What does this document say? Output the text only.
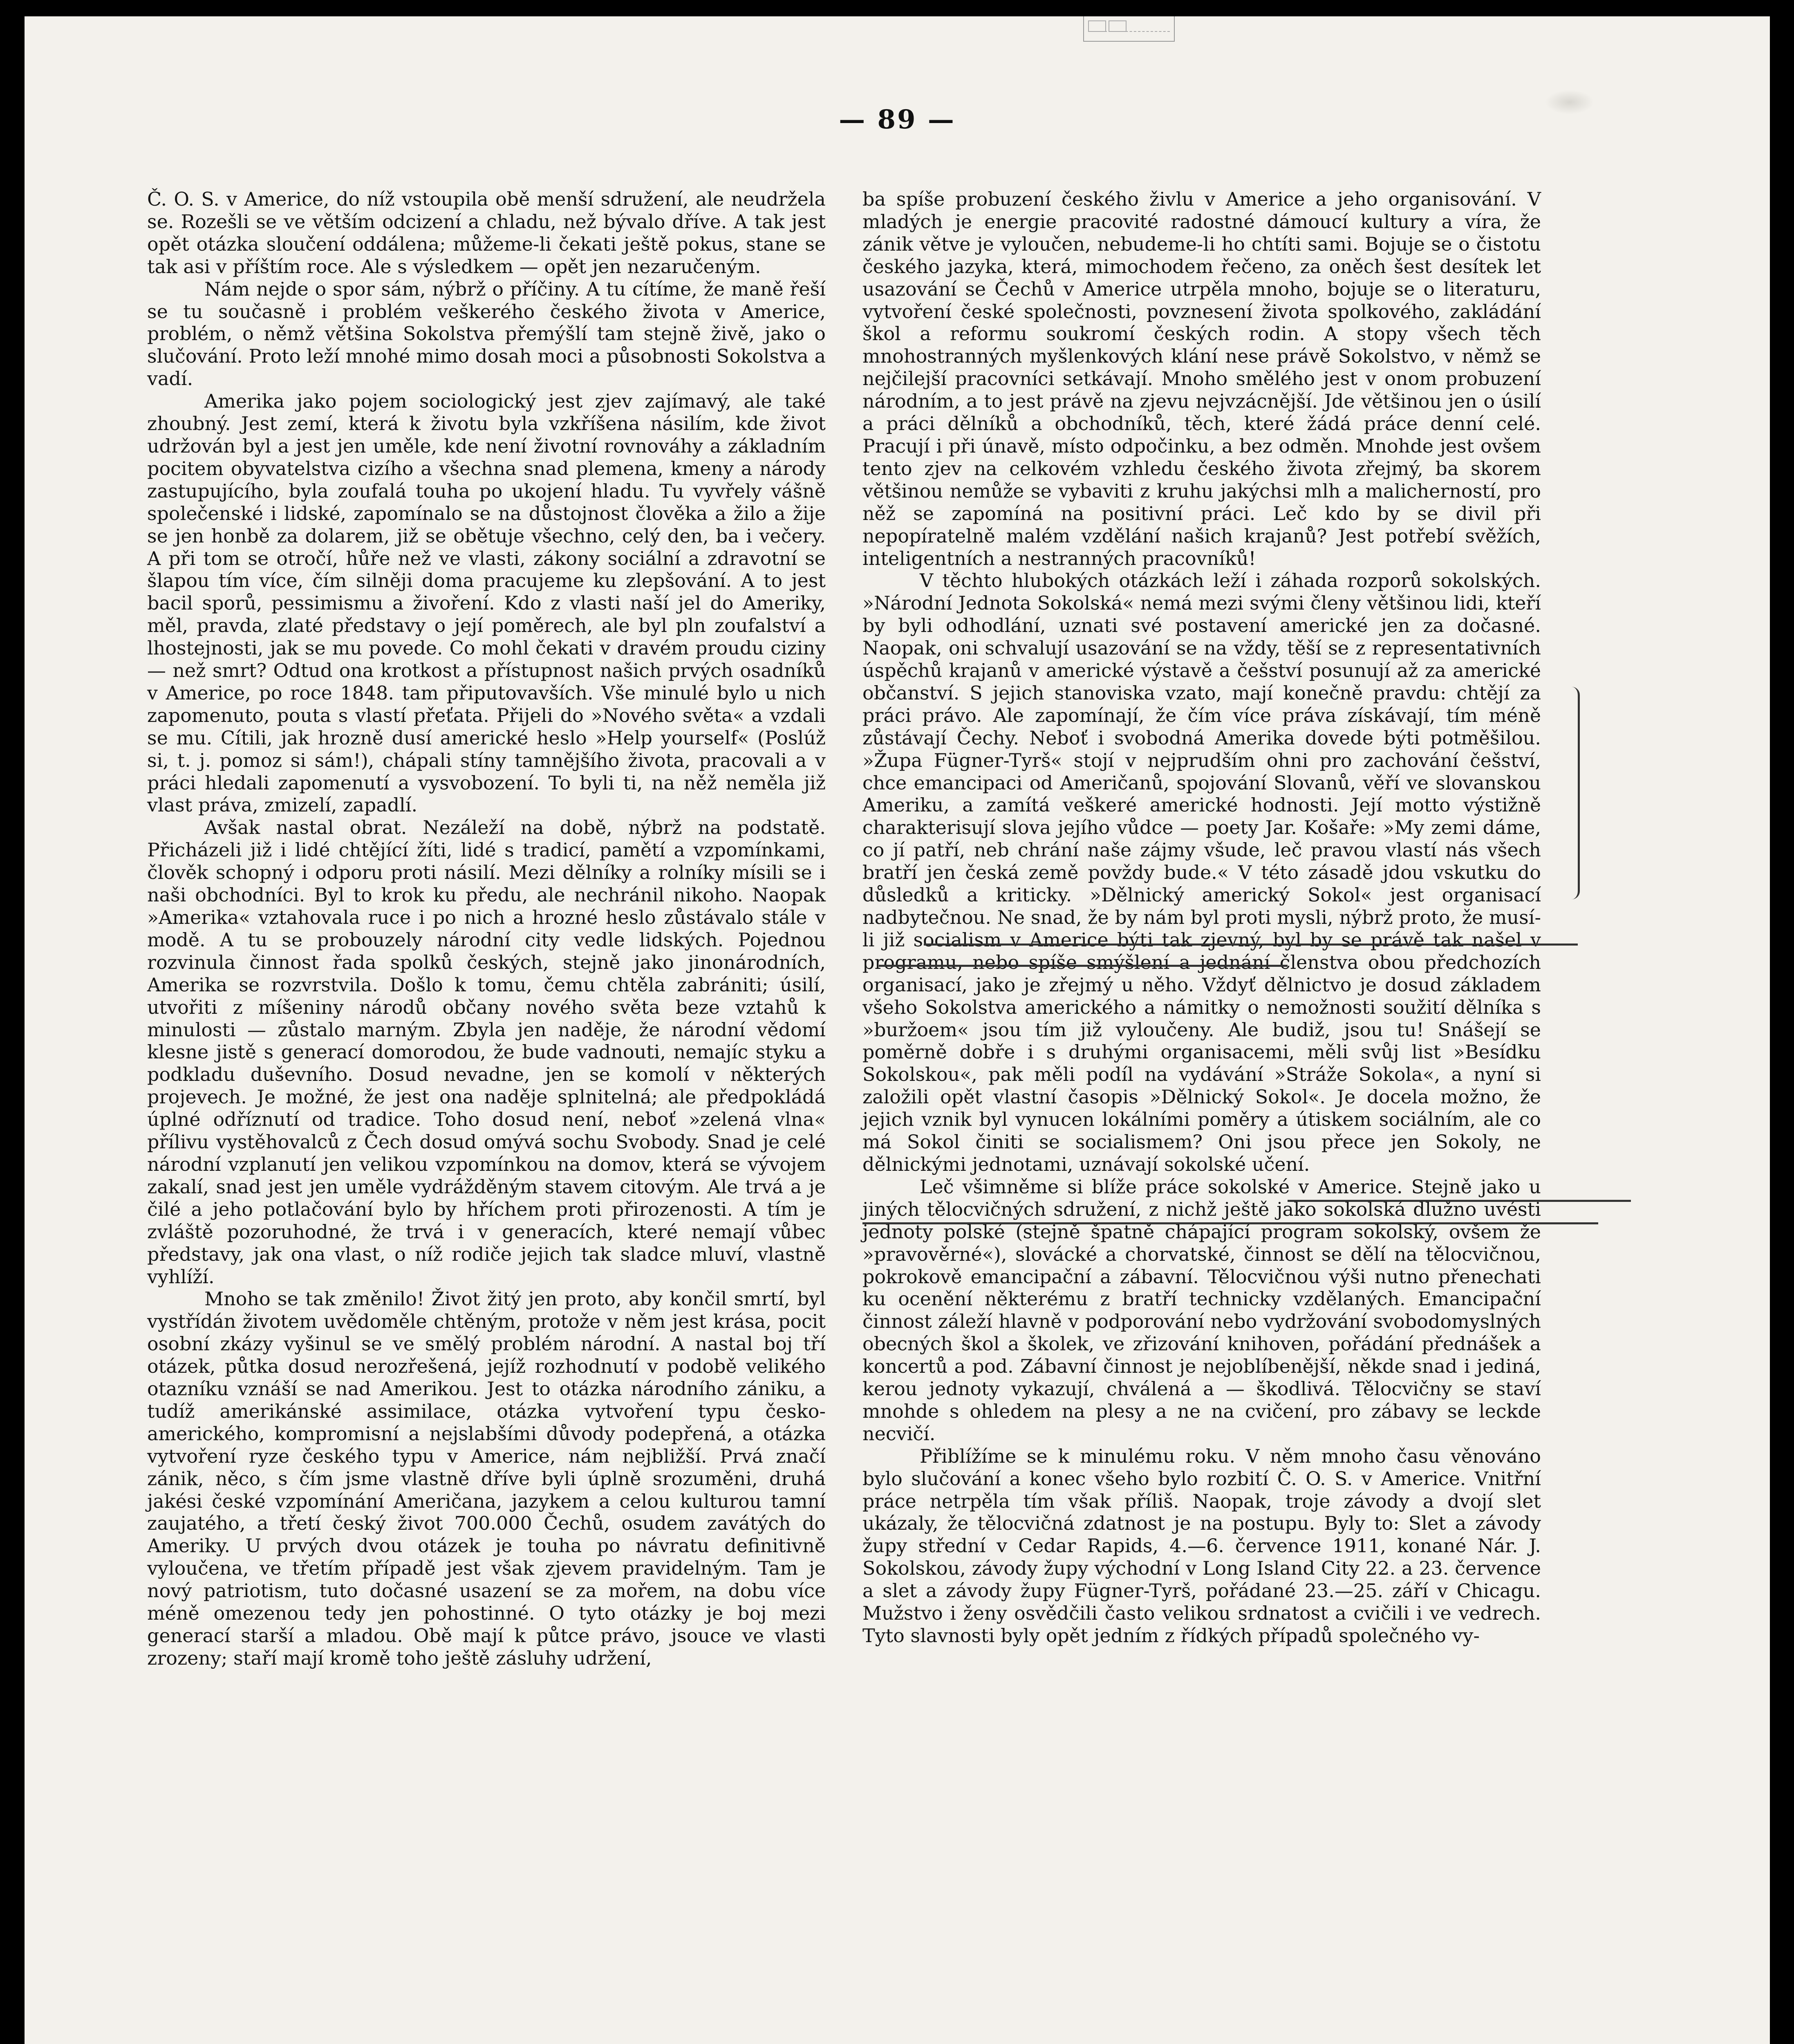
— 89 —

Č. O. S. v Americe, do níž vstoupila obě menší sdružení, ale neudržela se. Rozešli se ve větším odcizení a chladu, než bývalo dříve. A tak jest opět otázka sloučení oddálena; můžeme-li čekati ještě pokus, stane se tak asi v příštím roce. Ale s výsledkem — opět jen nezaručeným.

Nám nejde o spor sám, nýbrž o příčiny. A tu cítíme, že maně řeší se tu současně i problém veškerého českého života v Americe, problém, o němž většina Sokolstva přemýšlí tam stejně živě, jako o slučování. Proto leží mnohé mimo dosah moci a působnosti Sokolstva a vadí.

Amerika jako pojem sociologický jest zjev zajímavý, ale také zhoubný. Jest zemí, která k životu byla vzkříšena násilím, kde život udržován byl a jest jen uměle, kde není životní rovnováhy a základním pocitem obyvatelstva cizího a všechna snad plemena, kmeny a národy zastupujícího, byla zoufalá touha po ukojení hladu. Tu vyvřely vášně společenské i lidské, zapomínalo se na důstojnost člověka a žilo a žije se jen honbě za dolarem, již se obětuje všechno, celý den, ba i večery. A při tom se otročí, hůře než ve vlasti, zákony sociální a zdravotní se šlapou tím více, čím silněji doma pracujeme ku zlepšování. A to jest bacil sporů, pessimismu a živoření. Kdo z vlasti naší jel do Ameriky, měl, pravda, zlaté představy o její poměrech, ale byl pln zoufalství a lhostejnosti, jak se mu povede. Co mohl čekati v dravém proudu ciziny — než smrt? Odtud ona krotkost a přístupnost našich prvých osadníků v Americe, po roce 1848. tam připutovavších. Vše minulé bylo u nich zapomenuto, pouta s vlastí přeťata. Přijeli do »Nového světa« a vzdali se mu. Cítili, jak hrozně dusí americké heslo »Help yourself« (Poslúž si, t. j. pomoz si sám!), chápali stíny tamnějšího života, pracovali a v práci hledali zapomenutí a vysvobození. To byli ti, na něž neměla již vlast práva, zmizelí, zapadlí.

Avšak nastal obrat. Nezáleží na době, nýbrž na podstatě. Přicházeli již i lidé chtějící žíti, lidé s tradicí, pamětí a vzpomínkami, člověk schopný i odporu proti násilí. Mezi dělníky a rolníky mísili se i naši obchodníci. Byl to krok ku předu, ale nechránil nikoho. Naopak »Amerika« vztahovala ruce i po nich a hrozné heslo zůstávalo stále v modě. A tu se probouzely národní city vedle lidských. Pojednou rozvinula činnost řada spolků českých, stejně jako jinonárodních, Amerika se rozvrstvila. Došlo k tomu, čemu chtěla zabrániti; úsilí, utvořiti z míšeniny národů občany nového světa beze vztahů k minulosti — zůstalo marným. Zbyla jen naděje, že národní vědomí klesne jistě s generací domorodou, že bude vadnouti, nemajíc styku a podkladu duševního. Dosud nevadne, jen se komolí v některých projevech. Je možné, že jest ona naděje splnitelná; ale předpokládá úplné odříznutí od tradice. Toho dosud není, neboť »zelená vlna« přílivu vystěhovalců z Čech dosud omývá sochu Svobody. Snad je celé národní vzplanutí jen velikou vzpomínkou na domov, která se vývojem zakalí, snad jest jen uměle vydrážděným stavem citovým. Ale trvá a je čilé a jeho potlačování bylo by hříchem proti přirozenosti. A tím je zvláště pozoruhodné, že trvá i v generacích, které nemají vůbec představy, jak ona vlast, o níž rodiče jejich tak sladce mluví, vlastně vyhlíží.

Mnoho se tak změnilo! Život žitý jen proto, aby končil smrtí, byl vystřídán životem uvědoměle chtěným, protože v něm jest krása, pocit osobní zkázy vyšinul se ve smělý problém národní. A nastal boj tří otázek, půtka dosud nerozřešená, jejíž rozhodnutí v podobě velikého otazníku vznáší se nad Amerikou. Jest to otázka národního zániku, a tudíž amerikánské assimilace, otázka vytvoření typu česko-amerického, kompromisní a nejslabšími důvody podepřená, a otázka vytvoření ryze českého typu v Americe, nám nejbližší. Prvá značí zánik, něco, s čím jsme vlastně dříve byli úplně srozuměni, druhá jakési české vzpomínání Američana, jazykem a celou kulturou tamní zaujatého, a třetí český život 700.000 Čechů, osudem zavátých do Ameriky. U prvých dvou otázek je touha po návratu definitivně vyloučena, ve třetím případě jest však zjevem pravidelným. Tam je nový patriotism, tuto dočasné usazení se za mořem, na dobu více méně omezenou tedy jen pohostinné. O tyto otázky je boj mezi generací starší a mladou. Obě mají k půtce právo, jsouce ve vlasti zrozeny; staří mají kromě toho ještě zásluhy udržení,

ba spíše probuzení českého živlu v Americe a jeho organisování. V mladých je energie pracovité radostné dámoucí kultury a víra, že zánik větve je vyloučen, nebudeme-li ho chtíti sami. Bojuje se o čistotu českého jazyka, která, mimochodem řečeno, za oněch šest desítek let usazování se Čechů v Americe utrpěla mnoho, bojuje se o literaturu, vytvoření české společnosti, povznesení života spolkového, zakládání škol a reformu soukromí českých rodin. A stopy všech těch mnohostranných myšlenkových klání nese právě Sokolstvo, v němž se nejčilejší pracovníci setkávají. Mnoho smělého jest v onom probuzení národním, a to jest právě na zjevu nejvzácnější. Jde většinou jen o úsilí a práci dělníků a obchodníků, těch, které žádá práce denní celé. Pracují i při únavě, místo odpočinku, a bez odměn. Mnohde jest ovšem tento zjev na celkovém vzhledu českého života zřejmý, ba skorem většinou nemůže se vybaviti z kruhu jakýchsi mlh a malicherností, pro něž se zapomíná na positivní práci. Leč kdo by se divil při nepopíratelně malém vzdělání našich krajanů? Jest potřebí svěžích, inteligentních a nestranných pracovníků!

V těchto hlubokých otázkách leží i záhada rozporů sokolských. »Národní Jednota Sokolská« nemá mezi svými členy většinou lidi, kteří by byli odhodlání, uznati své postavení americké jen za dočasné. Naopak, oni schvalují usazování se na vždy, těší se z representativních úspěchů krajanů v americké výstavě a češství posunují až za americké občanství. S jejich stanoviska vzato, mají konečně pravdu: chtějí za práci právo. Ale zapomínají, že čím více práva získávají, tím méně zůstávají Čechy. Neboť i svobodná Amerika dovede býti potměšilou. »Župa Fügner-Tyrš« stojí v nejprudším ohni pro zachování češství, chce emancipaci od Američanů, spojování Slovanů, věří ve slovanskou Ameriku, a zamítá veškeré americké hodnosti. Její motto výstižně charakterisují slova jejího vůdce — poety Jar. Košaře: »My zemi dáme, co jí patří, neb chrání naše zájmy všude, leč pravou vlastí nás všech bratří jen česká země povždy bude.« V této zásadě jdou vskutku do důsledků a kriticky. »Dělnický americký Sokol« jest organisací nadbytečnou. Ne snad, že by nám byl proti mysli, nýbrž proto, že musí-li již socialism v Americe býti tak zjevný, byl by se právě tak našel v programu, nebo spíše smýšlení a jednání členstva obou předchozích organisací, jako je zřejmý u něho. Vždyť dělnictvo je dosud základem všeho Sokolstva amerického a námitky o nemožnosti soužití dělníka s »buržoem« jsou tím již vyloučeny. Ale budiž, jsou tu! Snášejí se poměrně dobře i s druhými organisacemi, měli svůj list »Besídku Sokolskou«, pak měli podíl na vydávání »Stráže Sokola«, a nyní si založili opět vlastní časopis »Dělnický Sokol«. Je docela možno, že jejich vznik byl vynucen lokálními poměry a útiskem sociálním, ale co má Sokol činiti se socialismem? Oni jsou přece jen Sokoly, ne dělnickými jednotami, uznávají sokolské učení.

Leč všimněme si blíže práce sokolské v Americe. Stejně jako u jiných tělocvičných sdružení, z nichž ještě jako sokolská dlužno uvésti jednoty polské (stejně špatně chápající program sokolský, ovšem že »pravověrné«), slovácké a chorvatské, činnost se dělí na tělocvičnou, pokrokově emancipační a zábavní. Tělocvičnou výši nutno přenechati ku ocenění některému z bratří technicky vzdělaných. Emancipační činnost záleží hlavně v podporování nebo vydržování svobodomyslných obecných škol a školek, ve zřizování knihoven, pořádání přednášek a koncertů a pod. Zábavní činnost je nejoblíbenější, někde snad i jediná, kerou jednoty vykazují, chválená a — škodlivá. Tělocvičny se staví mnohde s ohledem na plesy a ne na cvičení, pro zábavy se leckde necvičí.

Přiblížíme se k minulému roku. V něm mnoho času věnováno bylo slučování a konec všeho bylo rozbití Č. O. S. v Americe. Vnitřní práce netrpěla tím však příliš. Naopak, troje závody a dvojí slet ukázaly, že tělocvičná zdatnost je na postupu. Byly to: Slet a závody župy střední v Cedar Rapids, 4.—6. července 1911, konané Nár. J. Sokolskou, závody župy východní v Long Island City 22. a 23. července a slet a závody župy Fügner-Tyrš, pořádané 23.—25. září v Chicagu. Mužstvo i ženy osvědčili často velikou srdnatost a cvičili i ve vedrech. Tyto slavnosti byly opět jedním z řídkých případů společného vy-
